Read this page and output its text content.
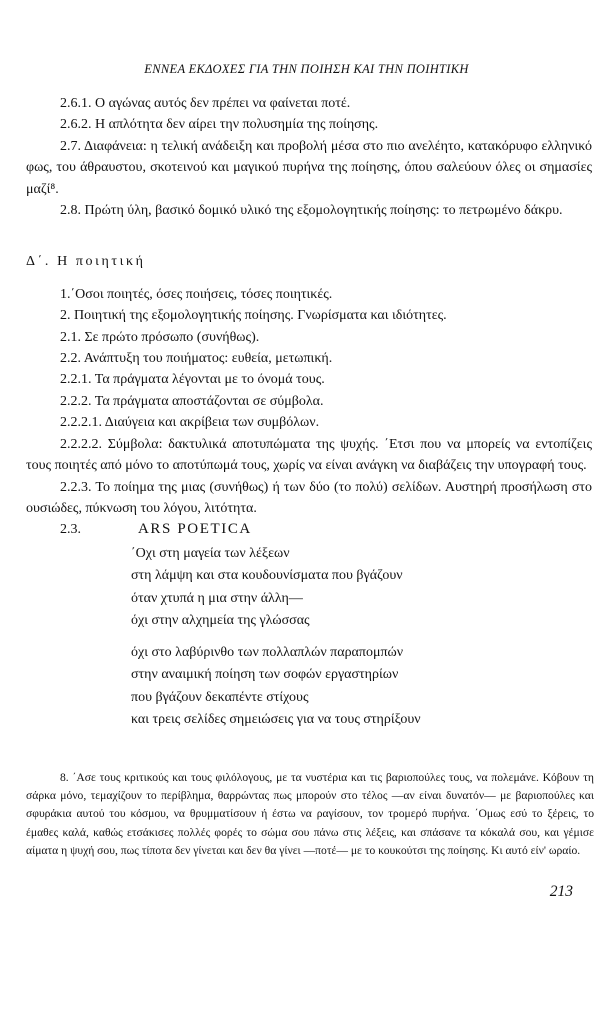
ΕΝΝΕΑ ΕΚΔΟΧΕΣ ΓΙΑ ΤΗΝ ΠΟΙΗΣΗ ΚΑΙ ΤΗΝ ΠΟΙΗΤΙΚΗ

2.6.1. Ο αγώνας αυτός δεν πρέπει να φαίνεται ποτέ.

2.6.2. Η απλότητα δεν αίρει την πολυσημία της ποίησης.

2.7. Διαφάνεια: η τελική ανάδειξη και προβολή μέσα στο πιο ανελέητο, κατακόρυφο ελληνικό φως, του άθραυστου, σκοτεινού και μαγικού πυρήνα της ποίησης, όπου σαλεύουν όλες οι σημασίες μαζί⁸.

2.8. Πρώτη ύλη, βασικό δομικό υλικό της εξομολογητικής ποίησης: το πετρωμένο δάκρυ.

Δ΄. Η ποιητική

1.΄Οσοι ποιητές, όσες ποιήσεις, τόσες ποιητικές.

2. Ποιητική της εξομολογητικής ποίησης. Γνωρίσματα και ιδιότητες.

2.1. Σε πρώτο πρόσωπο (συνήθως).

2.2. Ανάπτυξη του ποιήματος: ευθεία, μετωπική.

2.2.1. Τα πράγματα λέγονται με το όνομά τους.

2.2.2. Τα πράγματα αποστάζονται σε σύμβολα.

2.2.2.1. Διαύγεια και ακρίβεια των συμβόλων.

2.2.2.2. Σύμβολα: δακτυλικά αποτυπώματα της ψυχής. ΄Ετσι που να μπορείς να εντοπίζεις τους ποιητές από μόνο το αποτύπωμά τους, χωρίς να είναι ανάγκη να διαβάζεις την υπογραφή τους.

2.2.3. Το ποίημα της μιας (συνήθως) ή των δύο (το πολύ) σελίδων. Αυστηρή προσήλωση στο ουσιώδες, πύκνωση του λόγου, λιτότητα.

2.3.	ARS POETICA

΄Οχι στη μαγεία των λέξεων

στη λάμψη και στα κουδουνίσματα που βγάζουν

όταν χτυπά η μια στην άλλη—

όχι στην αλχημεία της γλώσσας

όχι στο λαβύρινθο των πολλαπλών παραπομπών

στην αναιμική ποίηση των σοφών εργαστηρίων

που βγάζουν δεκαπέντε στίχους

και τρεις σελίδες σημειώσεις για να τους στηρίξουν

8. ΄Ασε τους κριτικούς και τους φιλόλογους, με τα νυστέρια και τις βαριοπούλες τους, να πολεμάνε. Κόβουν τη σάρκα μόνο, τεμαχίζουν το περίβλημα, θαρρώντας πως μπορούν στο τέλος —αν είναι δυνατόν— με βαριοπούλες και σφυράκια αυτού του κόσμου, να θρυμματίσουν ή έστω να ραγίσουν, τον τρομερό πυρήνα. ΄Ομως εσύ το ξέρεις, το έμαθες καλά, καθώς ετσάκισες πολλές φορές το σώμα σου πάνω στις λέξεις, και σπάσανε τα κόκαλά σου, και γέμισε αίματα η ψυχή σου, πως τίποτα δεν γίνεται και δεν θα γίνει —ποτέ— με το κουκούτσι της ποίησης. Κι αυτό είν' ωραίο.

213
